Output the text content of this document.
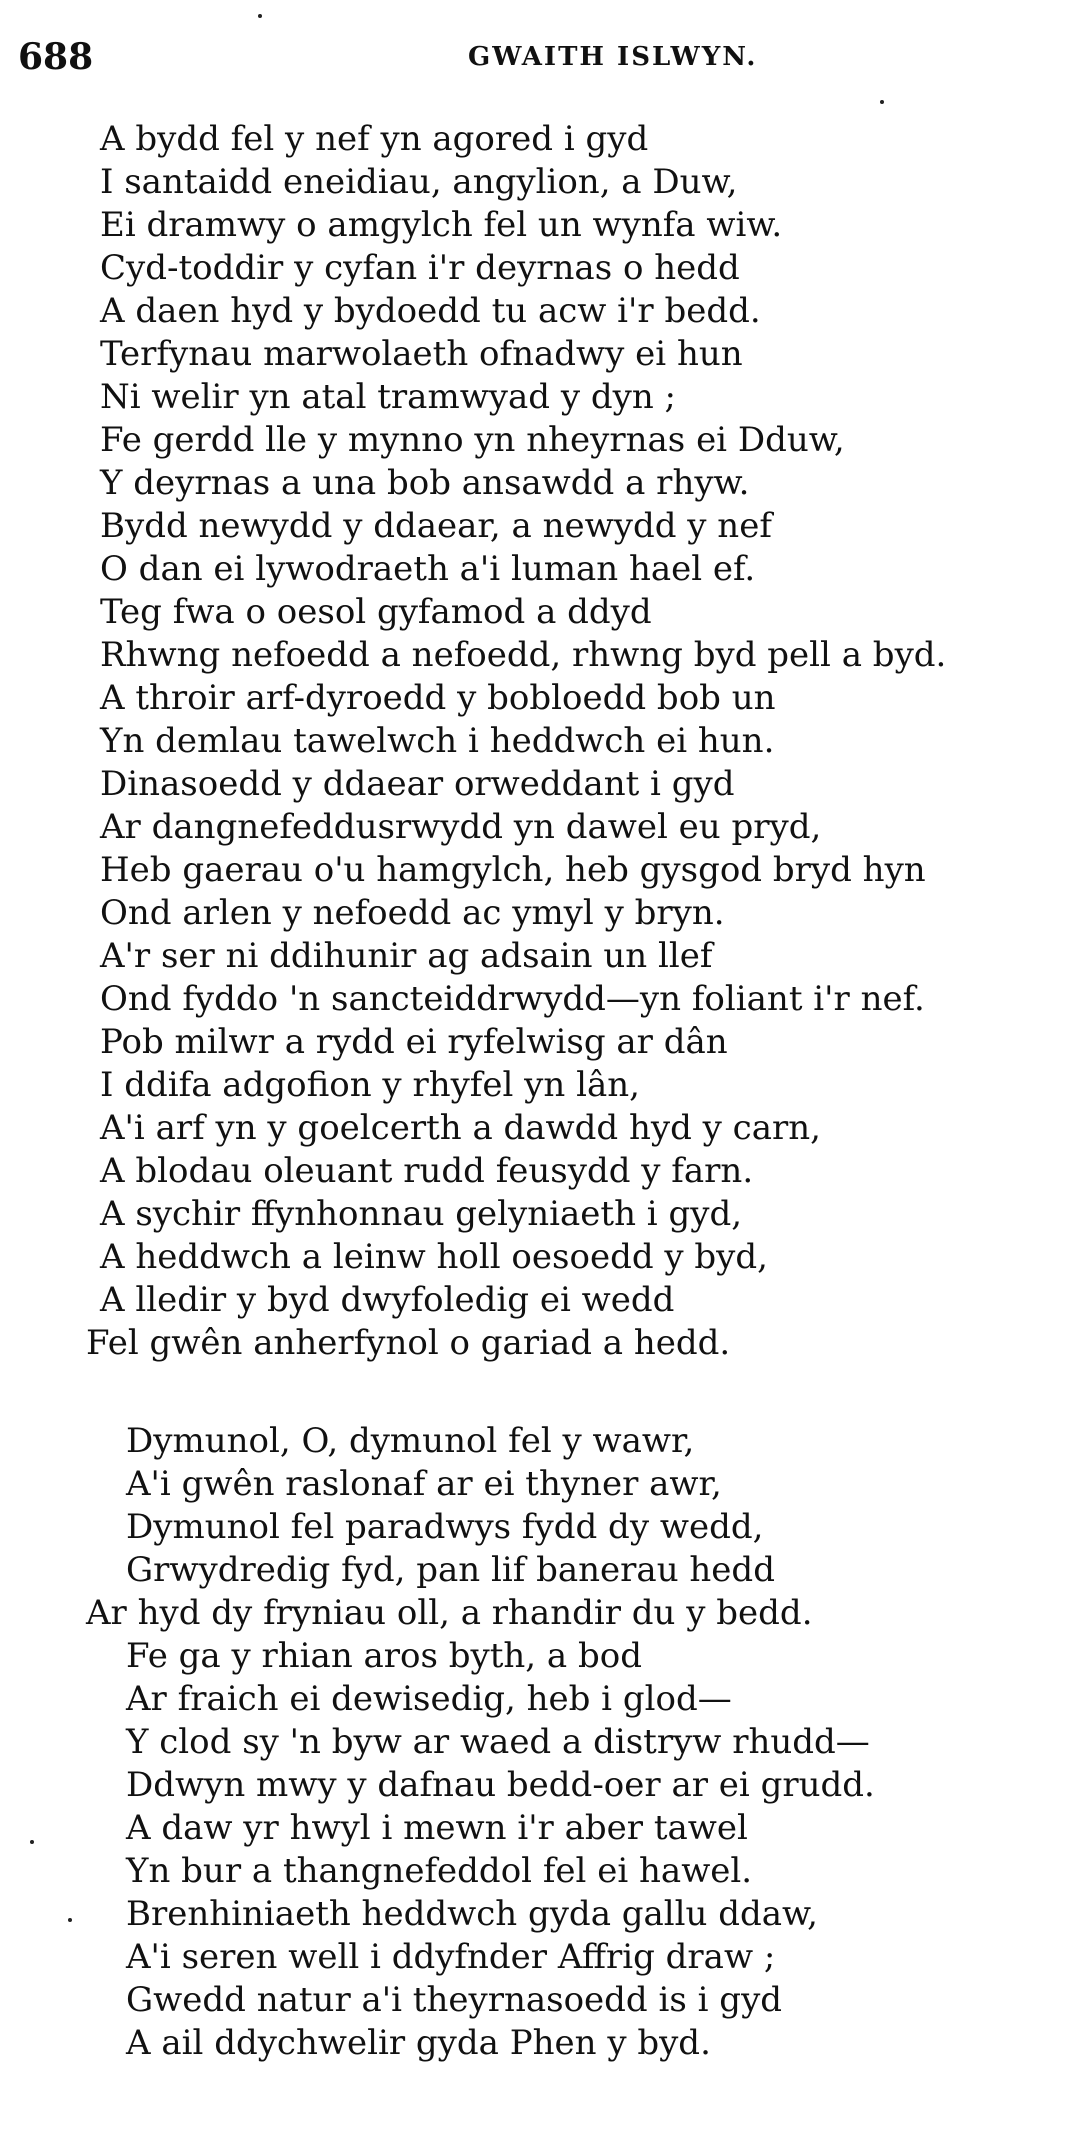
688	GWAITH ISLWYN.
A bydd fel y nef yn agored i gyd
I santaidd eneidiau, angylion, a Duw,
Ei dramwy o amgylch fel un wynfa wiw.
Cyd-toddir y cyfan i'r deyrnas o hedd
A daen hyd y bydoedd tu acw i'r bedd.
Terfynau marwolaeth ofnadwy ei hun
Ni welir yn atal tramwyad y dyn ;
Fe gerdd lle y mynno yn nheyrnas ei Dduw,
Y deyrnas a una bob ansawdd a rhyw.
Bydd newydd y ddaear, a newydd y nef
O dan ei lywodraeth a'i luman hael ef.
Teg fwa o oesol gyfamod a ddyd
Rhwng nefoedd a nefoedd, rhwng byd pell a byd.
A throir arf-dyroedd y bobloedd bob un
Yn demlau tawelwch i heddwch ei hun.
Dinasoedd y ddaear orweddant i gyd
Ar dangnefeddusrwydd yn dawel eu pryd,
Heb gaerau o'u hamgylch, heb gysgod bryd hyn
Ond arlen y nefoedd ac ymyl y bryn.
A'r ser ni ddihunir ag adsain un llef
Ond fyddo 'n sancteiddrwydd—yn foliant i'r nef.
Pob milwr a rydd ei ryfelwisg ar dân
I ddifa adgofion y rhyfel yn lân,
A'i arf yn y goelcerth a dawdd hyd y carn,
A blodau oleuant rudd feusydd y farn.
A sychir ffynhonnau gelyniaeth i gyd,
A heddwch a leinw holl oesoedd y byd,
A lledir y byd dwyfoledig ei wedd
Fel gwên anherfynol o gariad a hedd.
Dymunol, O, dymunol fel y wawr,
A'i gwên raslonaf ar ei thyner awr,
Dymunol fel paradwys fydd dy wedd,
Grwydredig fyd, pan lif banerau hedd
Ar hyd dy fryniau oll, a rhandir du y bedd.
Fe ga y rhian aros byth, a bod
Ar fraich ei dewisedig, heb i glod—
Y clod sy 'n byw ar waed a distryw rhudd—
Ddwyn mwy y dafnau bedd-oer ar ei grudd.
A daw yr hwyl i mewn i'r aber tawel
Yn bur a thangnefeddol fel ei hawel.
Brenhiniaeth heddwch gyda gallu ddaw,
A'i seren well i ddyfnder Affrig draw ;
Gwedd natur a'i theyrnasoedd is i gyd
A ail ddychwelir gyda Phen y byd.
